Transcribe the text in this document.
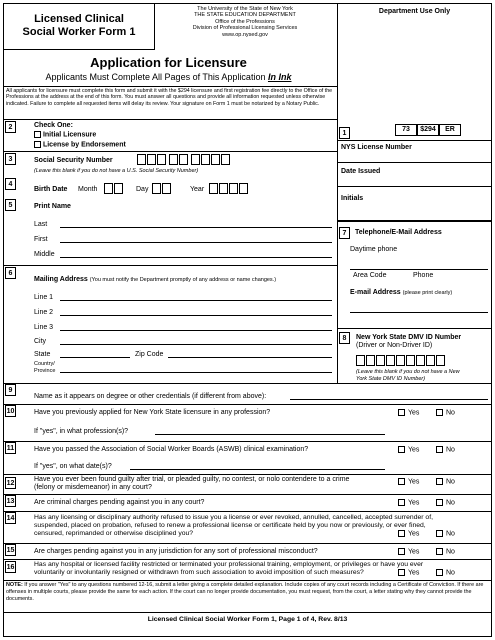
Licensed Clinical
Social Worker Form 1
The University of the State of New York
THE STATE EDUCATION DEPARTMENT
Office of the Professions
Division of Professional Licensing Services
www.op.nysed.gov
Department Use Only
Application for Licensure
Applicants Must Complete All Pages of This Application In Ink
All applicants for licensure must complete this form and submit it with the $294 licensure and first registration fee directly to the Office of the Professions at the address at the end of this form. You must answer all questions and provide all information requested unless otherwise indicated. Failure to complete all requested items will delay its review. Your signature on Form 1 must be notarized by a Notary Public.
2	Check One:
Initial Licensure
License by Endorsement
3	Social Security Number
(Leave this blank if you do not have a U.S. Social Security Number)
4
Birth Date Month	Day	Year
5	Print Name
Last
First
Middle
6
Mailing Address (You must notify the Department promptly of any address or name changes.)
Line 1
Line 2
Line 3
City
State	Zip Code
Country/
Province
1
73 $294 ER
NYS License Number
Date Issued
Initials
7	Telephone/E-Mail Address
Daytime phone
Area Code	Phone
E-mail Address (please print clearly)
8	New York State DMV ID Number
(Driver or Non-Driver ID)
(Leave this blank if you do not have a New
York State DMV ID Number)
9
Name as it appears on degree or other credentials (if different from above):
10	Have you previously applied for New York State licensure in any profession?	Yes	No
If "yes", in what profession(s)?
11	Have you passed the Association of Social Worker Boards (ASWB) clinical examination?	Yes	No
If "yes", on what date(s)?
12
Have you ever been found guilty after trial, or pleaded guilty, no contest, or nolo contendere to a crime
(felony or misdemeanor) in any court?
Yes	No
13	Are criminal charges pending against you in any court?	Yes	No
14	Has any licensing or disciplinary authority refused to issue you a license or ever revoked, annulled, cancelled, accepted surrender of,
suspended, placed on probation, refused to renew a professional license or certificate held by you now or previously, or ever fined,
censured, reprimanded or otherwise disciplined you?	Yes	No
15	Are charges pending against you in any jurisdiction for any sort of professional misconduct?	Yes	No
16	Has any hospital or licensed facility restricted or terminated your professional training, employment, or privileges or have you ever
voluntarily or involuntarily resigned or withdrawn from such association to avoid imposition of such measures?	Yes	No
NOTE: If you answer "Yes" to any questions numbered 12-16, submit a letter giving a complete detailed explanation. Include copies of any court records including a Certificate of Conviction. If there are offenses in multiple courts, please provide the same for each action. If the court can no longer provide documentation, you must request, from the court, a letter stating why they cannot provide the documents.
Licensed Clinical Social Worker Form 1, Page 1 of 4, Rev. 8/13
